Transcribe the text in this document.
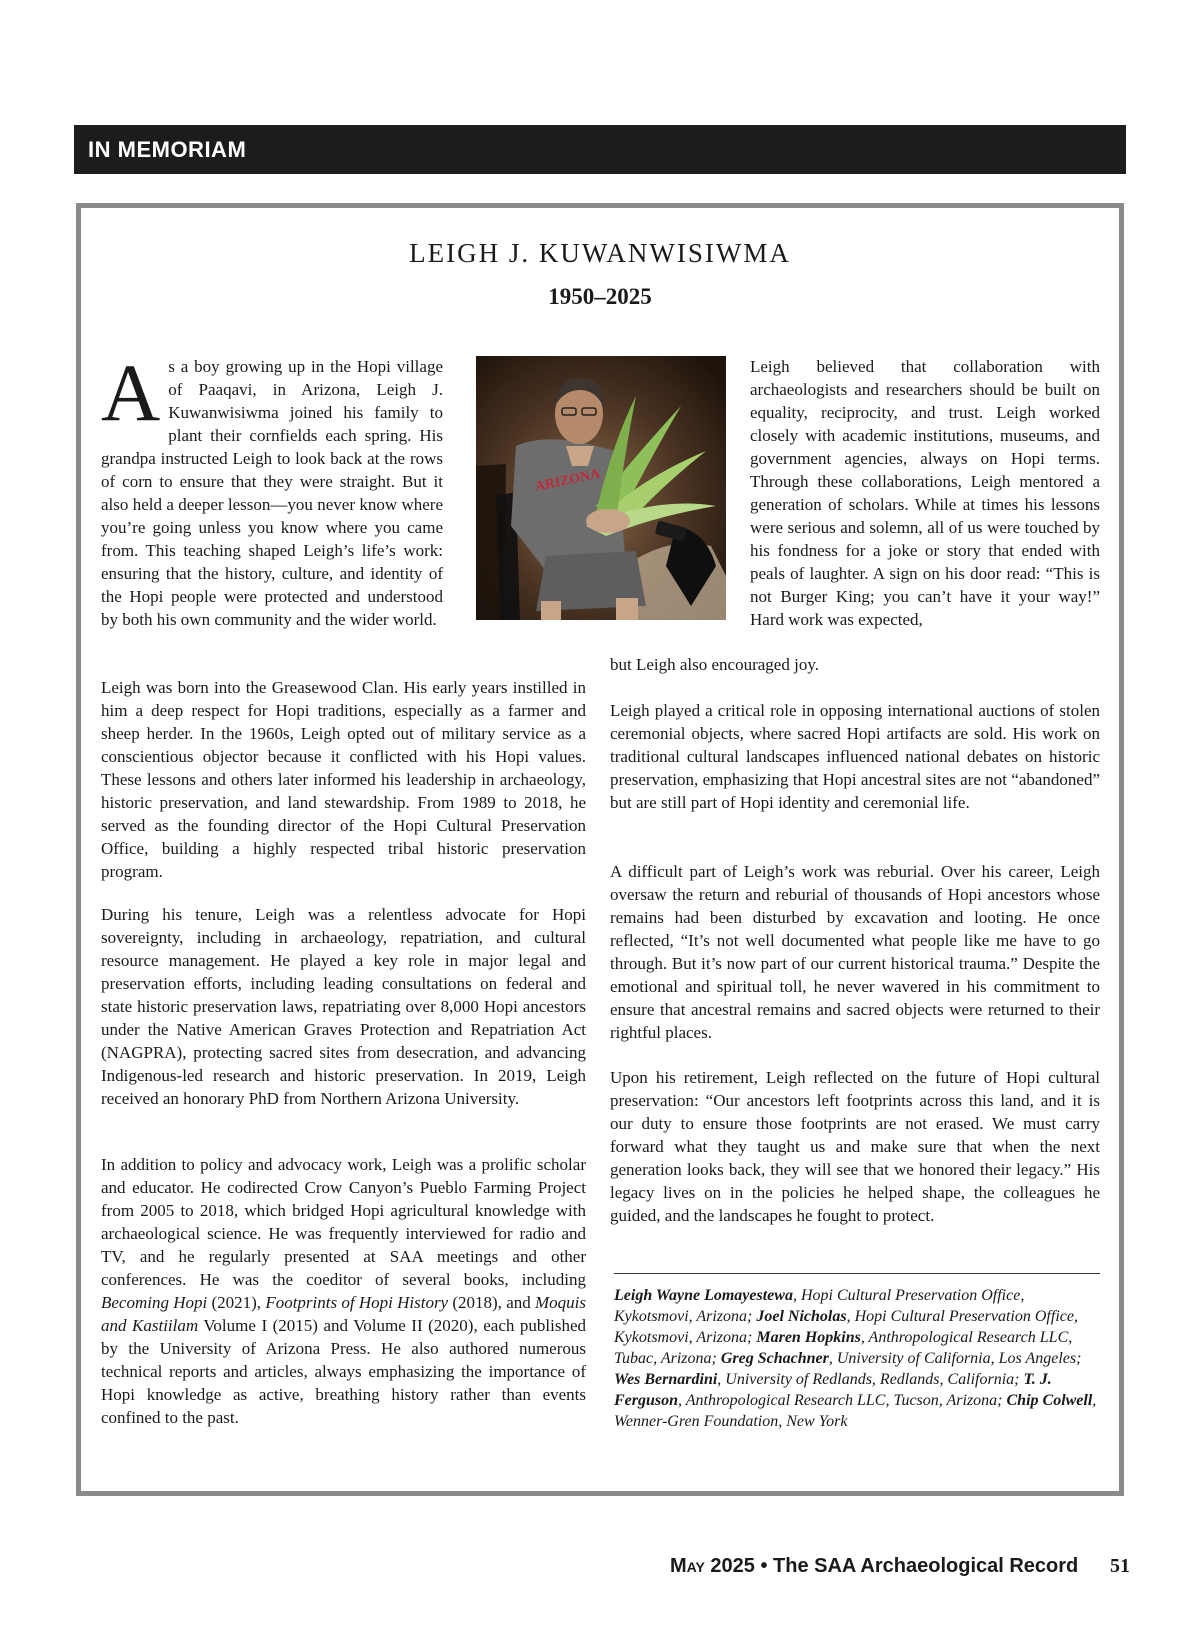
IN MEMORIAM
LEIGH J. KUWANWISIWMA
1950–2025

As a boy growing up in the Hopi village of Paaqavi, in Arizona, Leigh J. Kuwanwisiwma joined his family to plant their cornfields each spring. His grandpa instructed Leigh to look back at the rows of corn to ensure that they were straight. But it also held a deeper lesson—you never know where you’re going unless you know where you came from. This teaching shaped Leigh’s life’s work: ensuring that the history, culture, and identity of the Hopi people were protected and understood by both his own community and the wider world.

Leigh was born into the Greasewood Clan. His early years instilled in him a deep respect for Hopi traditions, especially as a farmer and sheep herder. In the 1960s, Leigh opted out of military service as a conscientious objector because it conflicted with his Hopi values. These lessons and others later informed his leadership in archaeology, historic preservation, and land stewardship. From 1989 to 2018, he served as the founding director of the Hopi Cultural Preservation Office, building a highly respected tribal historic preservation program.

During his tenure, Leigh was a relentless advocate for Hopi sovereignty, including in archaeology, repatriation, and cultural resource management. He played a key role in major legal and preservation efforts, including leading consultations on federal and state historic preservation laws, repatriating over 8,000 Hopi ancestors under the Native American Graves Protection and Repatriation Act (NAGPRA), protecting sacred sites from desecration, and advancing Indigenous-led research and historic preservation. In 2019, Leigh received an honorary PhD from Northern Arizona University.

In addition to policy and advocacy work, Leigh was a prolific scholar and educator. He codirected Crow Canyon’s Pueblo Farming Project from 2005 to 2018, which bridged Hopi agricultural knowledge with archaeological science. He was frequently interviewed for radio and TV, and he regularly presented at SAA meetings and other conferences. He was the coeditor of several books, including Becoming Hopi (2021), Footprints of Hopi History (2018), and Moquis and Kastiilam Volume I (2015) and Volume II (2020), each published by the University of Arizona Press. He also authored numerous technical reports and articles, always emphasizing the importance of Hopi knowledge as active, breathing history rather than events confined to the past.

ARIZONA

Leigh believed that collaboration with archaeologists and researchers should be built on equality, reciprocity, and trust. Leigh worked closely with academic institutions, museums, and government agencies, always on Hopi terms. Through these collaborations, Leigh mentored a generation of scholars. While at times his lessons were serious and solemn, all of us were touched by his fondness for a joke or story that ended with peals of laughter. A sign on his door read: “This is not Burger King; you can’t have it your way!” Hard work was expected,

but Leigh also encouraged joy.

Leigh played a critical role in opposing international auctions of stolen ceremonial objects, where sacred Hopi artifacts are sold. His work on traditional cultural landscapes influenced national debates on historic preservation, emphasizing that Hopi ancestral sites are not “abandoned” but are still part of Hopi identity and ceremonial life.

A difficult part of Leigh’s work was reburial. Over his career, Leigh oversaw the return and reburial of thousands of Hopi ancestors whose remains had been disturbed by excavation and looting. He once reflected, “It’s not well documented what people like me have to go through. But it’s now part of our current historical trauma.” Despite the emotional and spiritual toll, he never wavered in his commitment to ensure that ancestral remains and sacred objects were returned to their rightful places.

Upon his retirement, Leigh reflected on the future of Hopi cultural preservation: “Our ancestors left footprints across this land, and it is our duty to ensure those footprints are not erased. We must carry forward what they taught us and make sure that when the next generation looks back, they will see that we honored their legacy.” His legacy lives on in the policies he helped shape, the colleagues he guided, and the landscapes he fought to protect.

Leigh Wayne Lomayestewa, Hopi Cultural Preservation Office, Kykotsmovi, Arizona; Joel Nicholas, Hopi Cultural Preservation Office, Kykotsmovi, Arizona; Maren Hopkins, Anthropological Research LLC, Tubac, Arizona; Greg Schachner, University of California, Los Angeles; Wes Bernardini, University of Redlands, Redlands, California; T. J. Ferguson, Anthropological Research LLC, Tucson, Arizona; Chip Colwell, Wenner-Gren Foundation, New York

May 2025 • The SAA Archaeological Record 51
